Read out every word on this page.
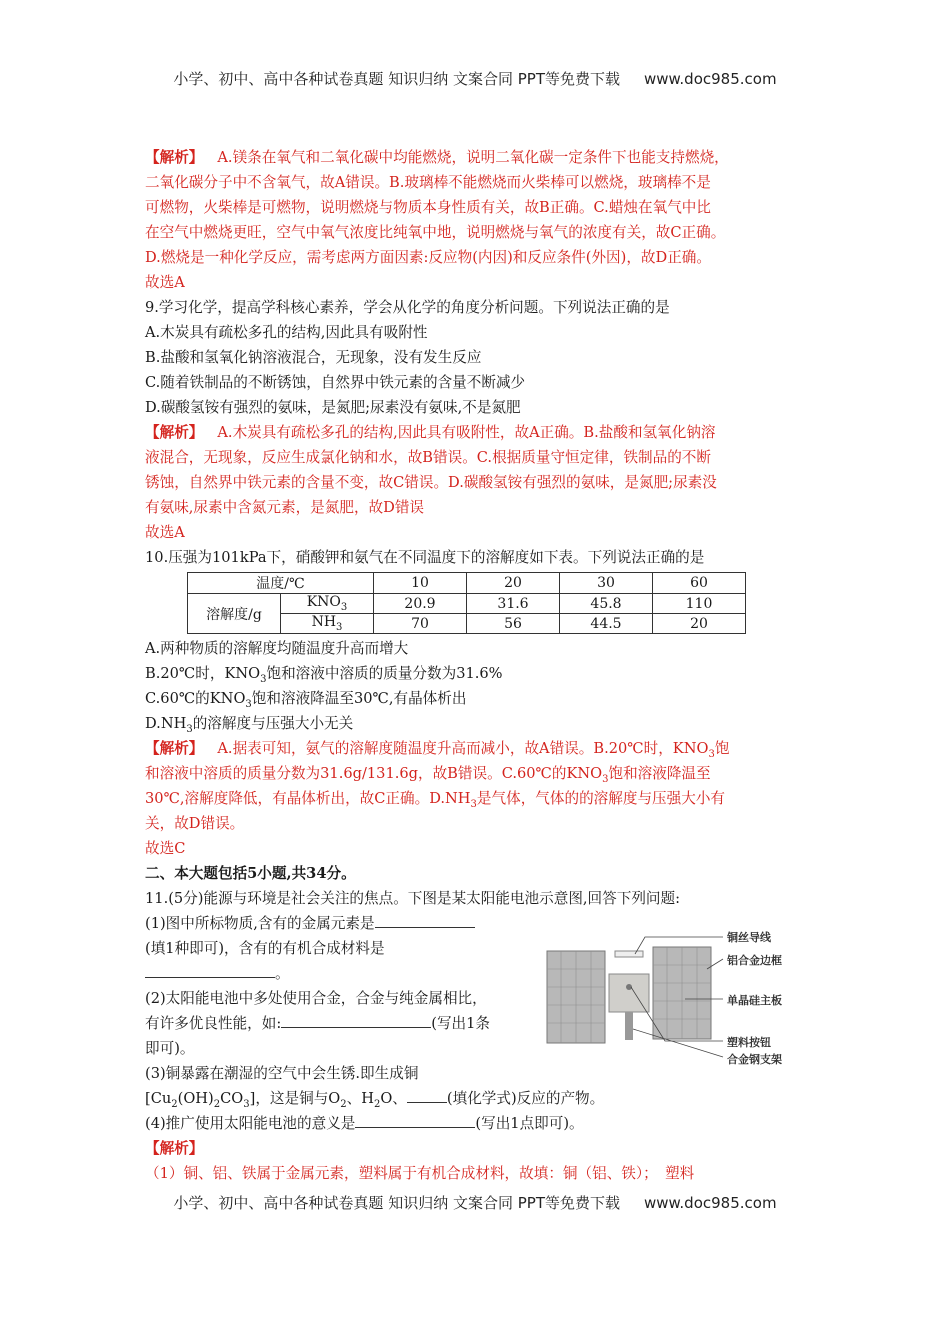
小学、初中、高中各种试卷真题 知识归纳 文案合同 PPT等免费下载 www.doc985.com
【解析】 A.镁条在氧气和二氧化碳中均能燃烧，说明二氧化碳一定条件下也能支持燃烧，
二氧化碳分子中不含氧气，故A错误。B.玻璃棒不能燃烧而火柴棒可以燃烧，玻璃棒不是
可燃物，火柴棒是可燃物，说明燃烧与物质本身性质有关，故B正确。C.蜡烛在氧气中比
在空气中燃烧更旺，空气中氧气浓度比纯氧中地，说明燃烧与氧气的浓度有关，故C正确。
D.燃烧是一种化学反应，需考虑两方面因素:反应物(内因)和反应条件(外因)，故D正确。
故选A
9.学习化学，提高学科核心素养，学会从化学的角度分析问题。下列说法正确的是
A.木炭具有疏松多孔的结构,因此具有吸附性
B.盐酸和氢氧化钠溶液混合，无现象，没有发生反应
C.随着铁制品的不断锈蚀，自然界中铁元素的含量不断减少
D.碳酸氢铵有强烈的氨味，是氮肥;尿素没有氨味,不是氮肥
【解析】 A.木炭具有疏松多孔的结构,因此具有吸附性，故A正确。B.盐酸和氢氧化钠溶
液混合，无现象，反应生成氯化钠和水，故B错误。C.根据质量守恒定律，铁制品的不断
锈蚀，自然界中铁元素的含量不变，故C错误。D.碳酸氢铵有强烈的氨味，是氮肥;尿素没
有氨味,尿素中含氮元素，是氮肥，故D错误
故选A
10.压强为101kPa下，硝酸钾和氨气在不同温度下的溶解度如下表。下列说法正确的是
温度/℃		10	20	30	60
溶解度/g	$KNO_3$	20.9	31.6	45.8	110
	$NH_3$	70	56	44.5	20
A.两种物质的溶解度均随温度升高而增大
B.20℃时，$KNO_3$饱和溶液中溶质的质量分数为31.6%
C.60℃的$KNO_3$饱和溶液降温至30℃,有晶体析出
$D.NH_3$的溶解度与压强大小无关
【解析】 A.据表可知，氨气的溶解度随温度升高而减小，故A错误。B.20℃时，$KNO_3$饱
和溶液中溶质的质量分数为31.6g/131.6g，故B错误。C.60℃的$KNO_3$饱和溶液降温至
30℃,溶解度降低，有晶体析出，故C正确。$D.NH_3$是气体，气体的的溶解度与压强大小有
关，故D错误。
故选C
二、本大题包括5小题,共34分。
11.(5分)能源与环境是社会关注的焦点。下图是某太阳能电池示意图,回答下列问题:
(1)图中所标物质,含有的金属元素是
(填1种即可)，含有的有机合成材料是
。
(2)太阳能电池中多处使用合金，合金与纯金属相比，
有许多优良性能，如:	(写出1条
即可)。
(3)铜暴露在潮湿的空气中会生锈.即生成铜
铜丝导线
铝合金边框
单晶硅主板
塑料按钮
合金钢支架
$[Cu_2(OH)_2CO_3]$，这是铜与$O_2$、$H_2O$、	(填化学式)反应的产物。
(4)推广使用太阳能电池的意义是	(写出1点即可)。
【解析】
（1）铜、铝、铁属于金属元素，塑料属于有机合成材料，故填：铜（铝、铁）；　塑料
小学、初中、高中各种试卷真题 知识归纳 文案合同 PPT等免费下载 www.doc985.com
